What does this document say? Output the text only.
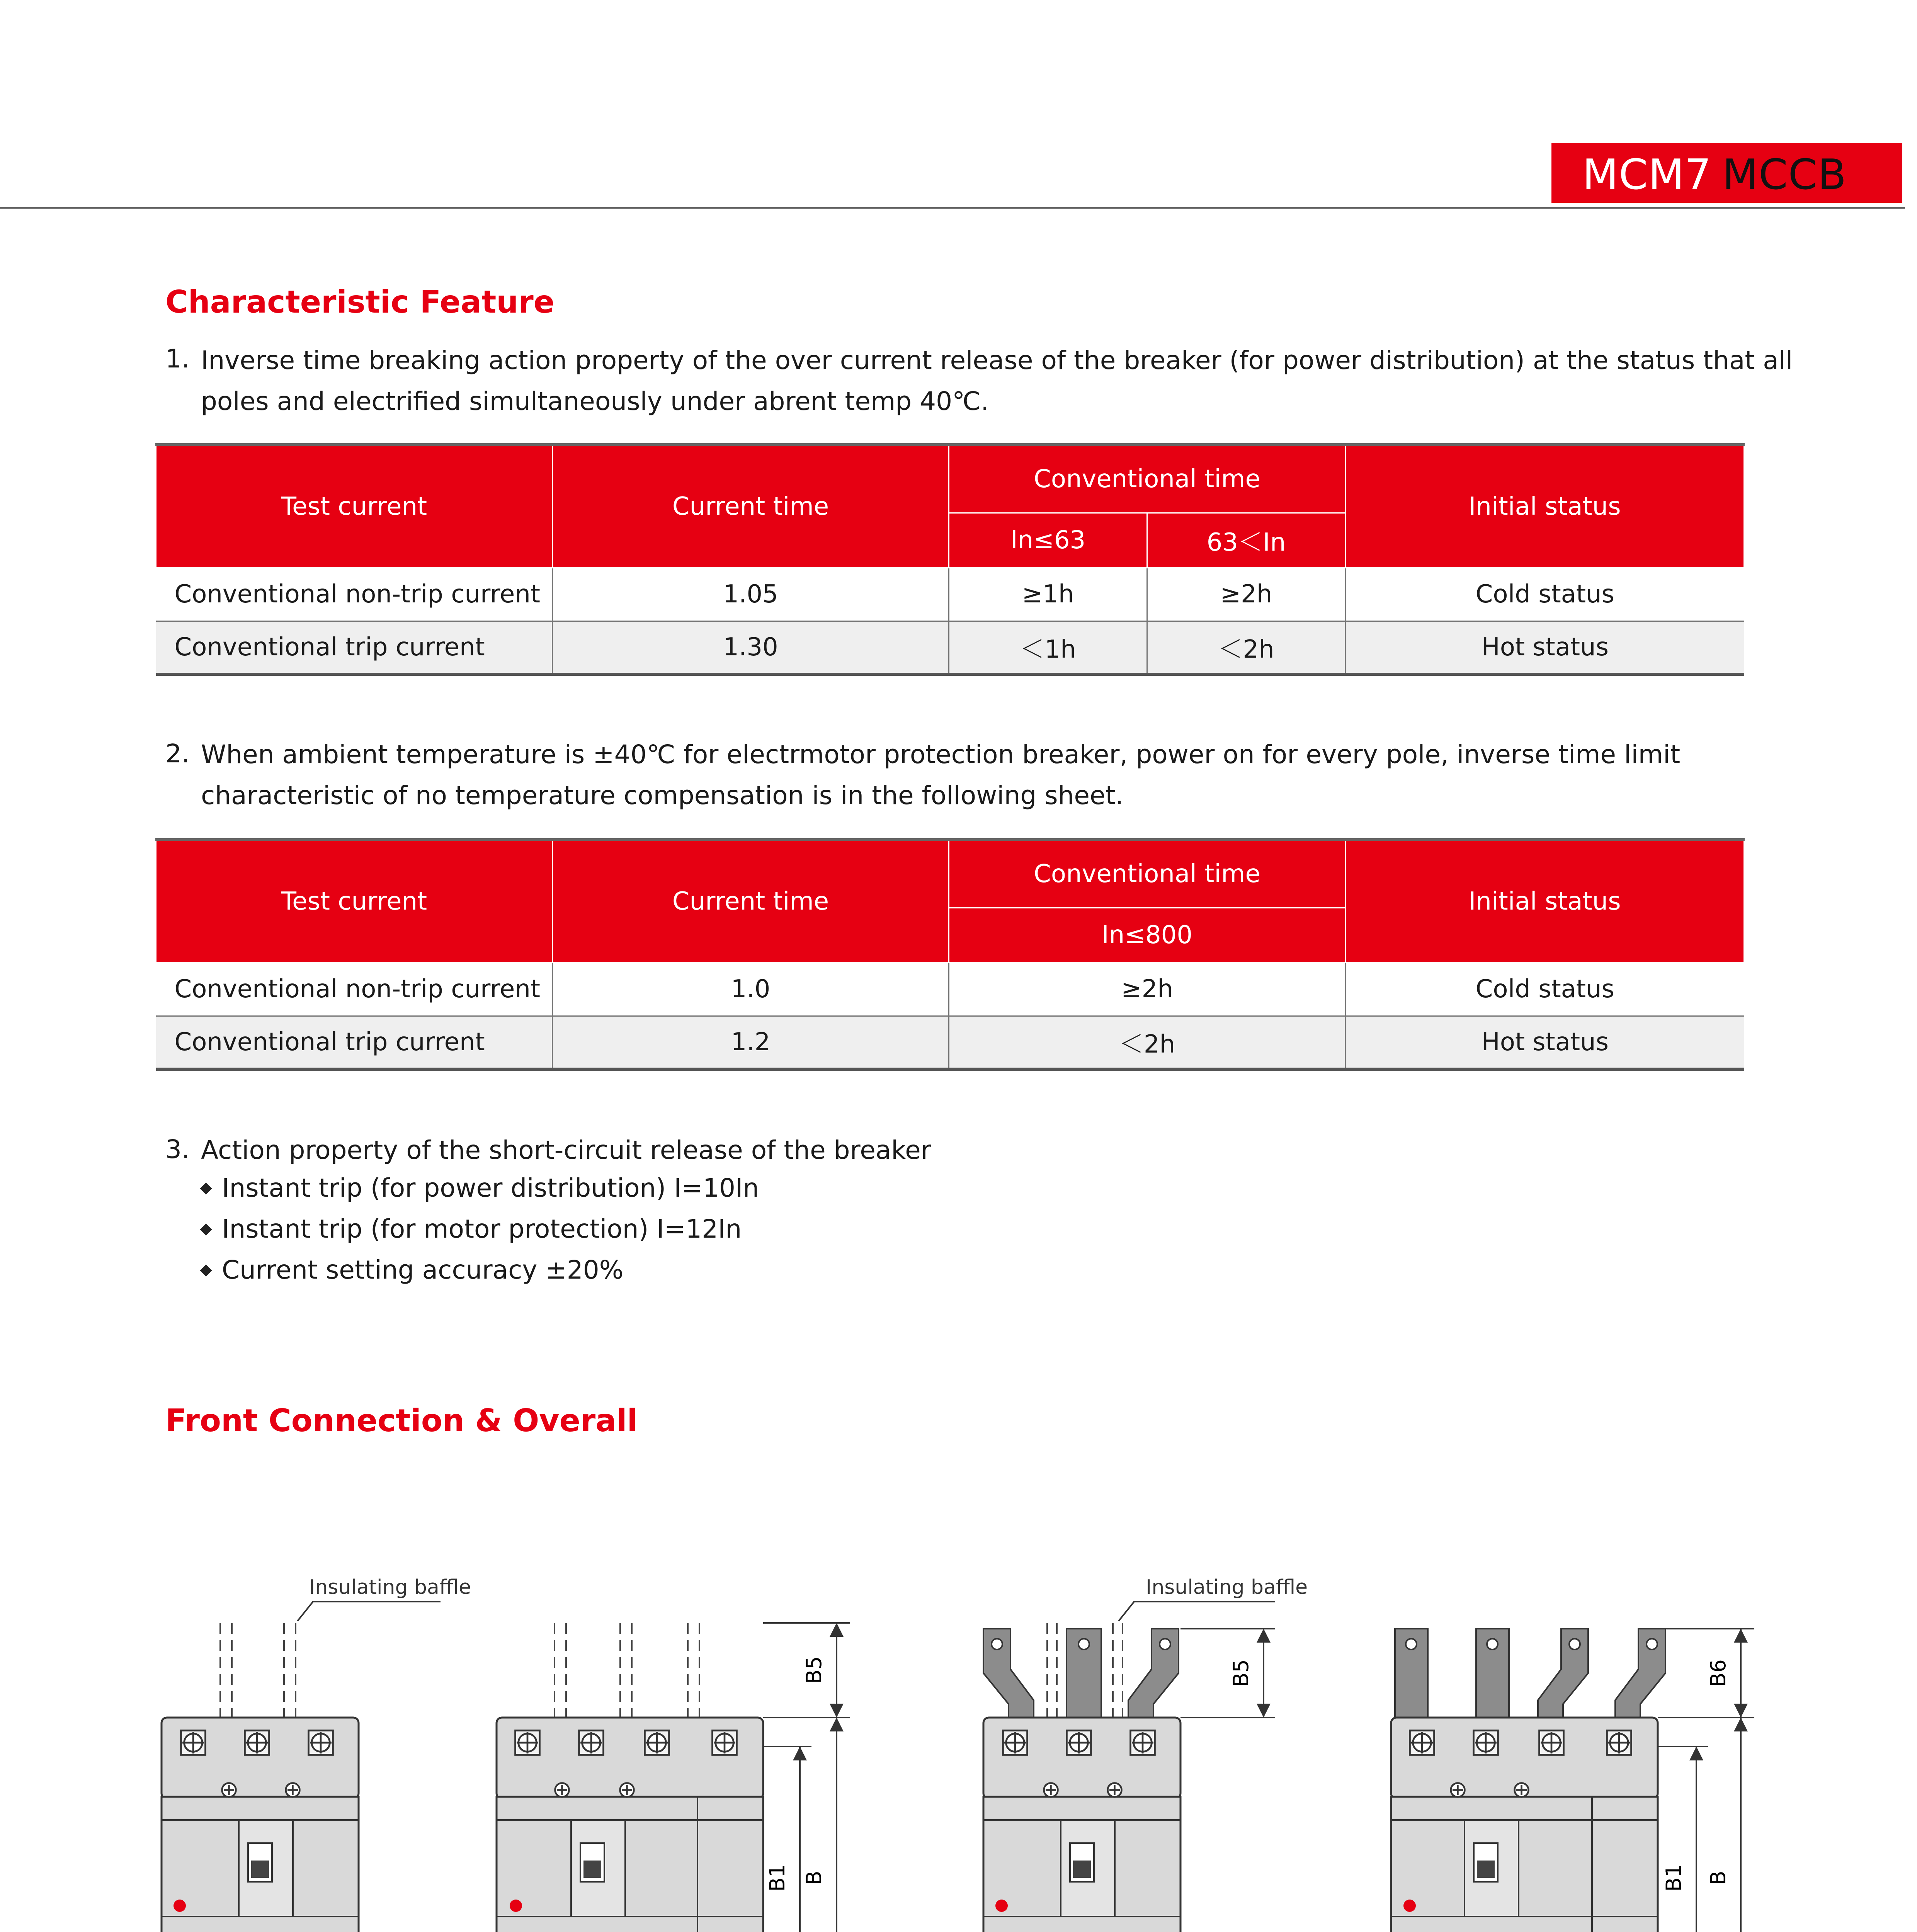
MCM7 MCCB
Characteristic Feature
1. Inverse time breaking action property of the over current release of the breaker (for power distribution) at the status that all
poles and electrified simultaneously under abrent temp 40℃.
Test current	Current time	Conventional time		Initial status
		In≤63	63＜In	
Conventional non-trip current	1.05	≥1h	≥2h	Cold status
Conventional trip current	1.30	＜1h	＜2h	Hot status
2. When ambient temperature is ±40℃ for electrmotor protection breaker, power on for every pole, inverse time limit
characteristic of no temperature compensation is in the following sheet.
Test current	Current time	Conventional time	Initial status
		In≤800	
Conventional non-trip current	1.0	≥2h	Cold status
Conventional trip current	1.2	＜2h	Hot status
3. Action property of the short-circuit release of the breaker
Instant trip (for power distribution) I=10In
Instant trip (for motor protection) I=12In
Current setting accuracy ±20%
Front Connection & Overall
Insulating baffle
B5
B1 B
Insulating baffle
B5	B6
B1 B
